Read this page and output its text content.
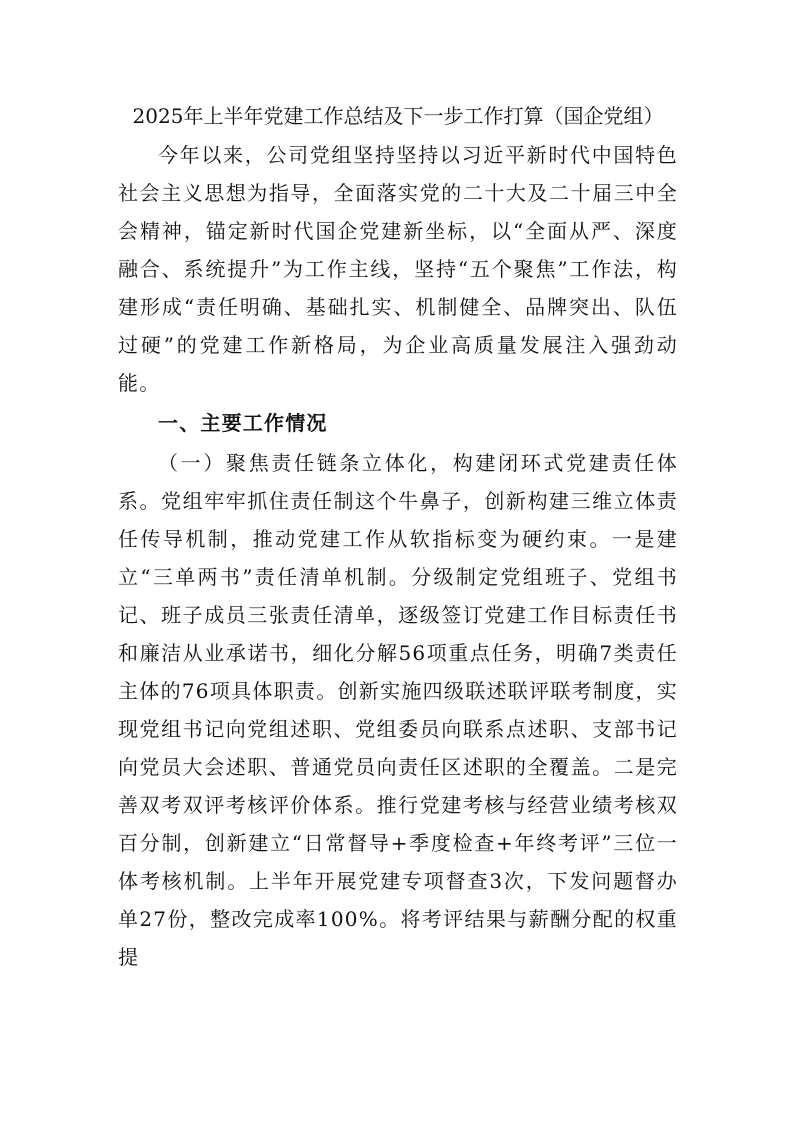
2025年上半年党建工作总结及下一步工作打算（国企党组）

今年以来，公司党组坚持坚持以习近平新时代中国特色社会主义思想为指导，全面落实党的二十大及二十届三中全会精神，锚定新时代国企党建新坐标，以“全面从严、深度融合、系统提升”为工作主线，坚持“五个聚焦”工作法，构建形成“责任明确、基础扎实、机制健全、品牌突出、队伍过硬”的党建工作新格局，为企业高质量发展注入强劲动能。

一、主要工作情况

（一）聚焦责任链条立体化，构建闭环式党建责任体系。党组牢牢抓住责任制这个牛鼻子，创新构建三维立体责任传导机制，推动党建工作从软指标变为硬约束。一是建立“三单两书”责任清单机制。分级制定党组班子、党组书记、班子成员三张责任清单，逐级签订党建工作目标责任书和廉洁从业承诺书，细化分解56项重点任务，明确7类责任主体的76项具体职责。创新实施四级联述联评联考制度，实现党组书记向党组述职、党组委员向联系点述职、支部书记向党员大会述职、普通党员向责任区述职的全覆盖。二是完善双考双评考核评价体系。推行党建考核与经营业绩考核双百分制，创新建立“日常督导+季度检查+年终考评”三位一体考核机制。上半年开展党建专项督查3次，下发问题督办单27份，整改完成率100%。将考评结果与薪酬分配的权重提
